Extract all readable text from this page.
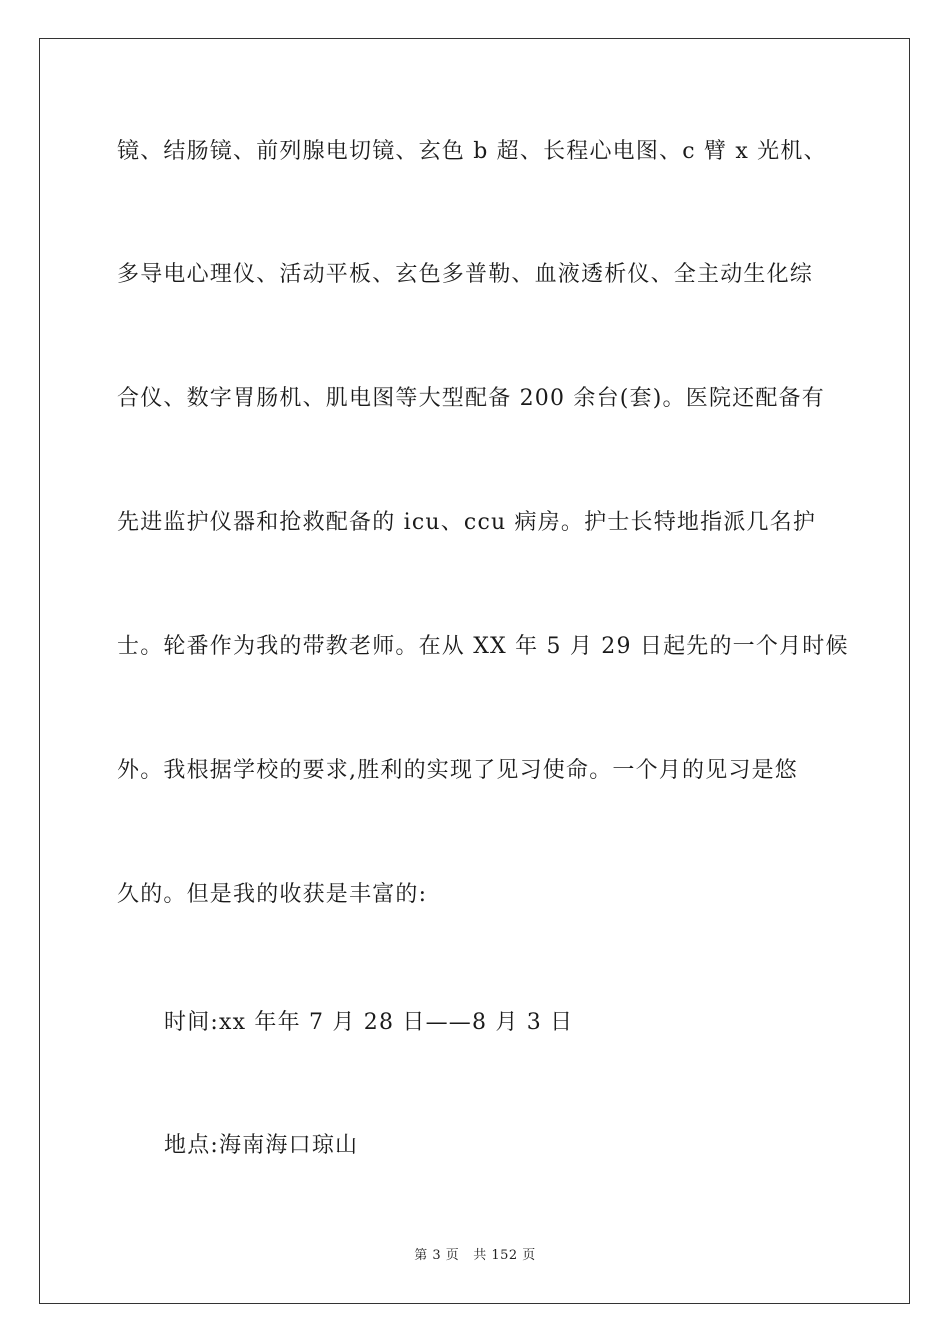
镜、结肠镜、前列腺电切镜、玄色 b 超、长程心电图、c 臂 x 光机、

多导电心理仪、活动平板、玄色多普勒、血液透析仪、全主动生化综

合仪、数字胃肠机、肌电图等大型配备 200 余台(套)。医院还配备有

先进监护仪器和抢救配备的 icu、ccu 病房。护士长特地指派几名护

士。轮番作为我的带教老师。在从 XX 年 5 月 29 日起先的一个月时候

外。我根据学校的要求,胜利的实现了见习使命。一个月的见习是悠

久的。但是我的收获是丰富的:

时间:xx 年年 7 月 28 日——8 月 3 日

地点:海南海口琼山

第 3 页 共 152 页
